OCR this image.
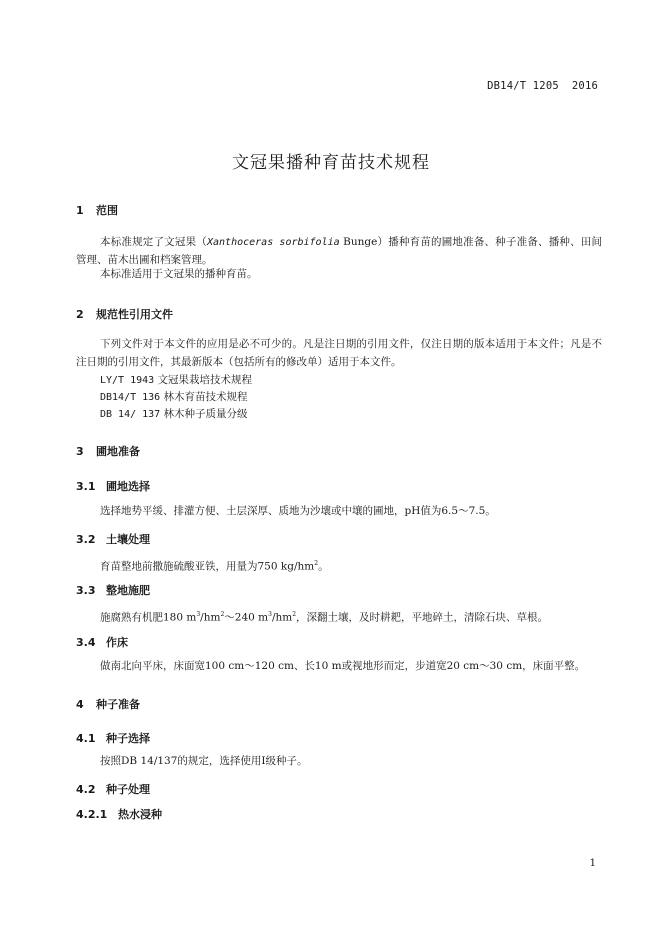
DB14/T 1205  2016
文冠果播种育苗技术规程
1 范围

本标准规定了文冠果（Xanthoceras sorbifolia Bunge）播种育苗的圃地准备、种子准备、播种、田间管理、苗木出圃和档案管理。

本标准适用于文冠果的播种育苗。

2 规范性引用文件

下列文件对于本文件的应用是必不可少的。凡是注日期的引用文件，仅注日期的版本适用于本文件；凡是不注日期的引用文件，其最新版本（包括所有的修改单）适用于本文件。

LY/T 1943 文冠果栽培技术规程

DB14/T 136 林木育苗技术规程

DB 14/ 137 林木种子质量分级

3 圃地准备
3.1 圃地选择

选择地势平缓、排灌方便、土层深厚、质地为沙壤或中壤的圃地，pH值为6.5～7.5。

3.2 土壤处理

育苗整地前撒施硫酸亚铁，用量为750 $kg/hm^2$。

3.3 整地施肥

施腐熟有机肥180 $m^3/hm^2\sim 240$ $m^3/hm^2$，深翻土壤，及时耕耙，平地碎土，清除石块、草根。

3.4 作床

做南北向平床，床面宽100 cm～120 cm、长10 m或视地形而定，步道宽20 cm～30 cm，床面平整。

4 种子准备
4.1 种子选择

按照DB 14/137的规定，选择使用Ⅰ级种子。

4.2 种子处理
4.2.1 热水浸种
1
